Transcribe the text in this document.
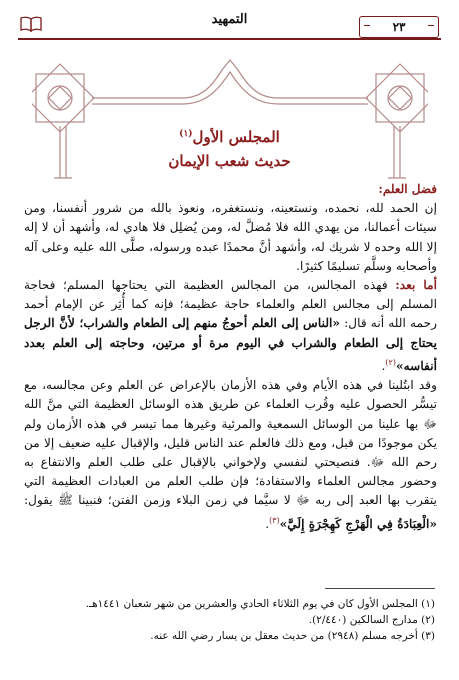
٢٣
التمهيد
المجلس الأول$^{(١)}$
حديث شعب الإيمان

فضل العلم:

إن الحمد لله، نحمده، ونستعينه، ونستغفره، ونعوذ بالله من شرور أنفسنا، ومن سيئات أعمالنا، من يهدي الله فلا مُضلَّ له، ومن يُضلِل فلا هادي له، وأشهد أن لا إله إلا الله وحده لا شريك له، وأشهد أنَّ محمدًا عبده ورسوله، صلَّى الله عليه وعلى آله وأصحابه وسلَّم تسليمًا كثيرًا.

أما بعد: فهذه المجالس، من المجالس العظيمة التي يحتاجها المسلم؛ فحاجة المسلم إلى مجالس العلم والعلماء حاجة عظيمة؛ فإنه كما أُثِر عن الإمام أحمد رحمه الله أنه قال: «الناس إلى العلم أحوجُ منهم إلى الطعام والشراب؛ لأنَّ الرجل يحتاج إلى الطعام والشراب في اليوم مرة أو مرتين، وحاجته إلى العلم بعدد أنفاسه»$^{(٢)}$.

وقد ابتُلينا في هذه الأيام وفي هذه الأزمان بالإعراض عن العلم وعن مجالسه، مع تيسُّر الحصول عليه وقُرب العلماء عن طريق هذه الوسائل العظيمة التي منَّ الله ﷻ بها علينا من الوسائل السمعية والمرئية وغيرها مما تيسر في هذه الأزمان ولم يكن موجودًا من قبل، ومع ذلك فالعلم عند الناس قليل، والإقبال عليه ضعيف إلا من رحم الله ﷻ. فنصيحتي لنفسي ولإخواني بالإقبال على طلب العلم والانتفاع به وحضور مجالس العلماء والاستفادة؛ فإن طلب العلم من العبادات العظيمة التي يتقرب بها العبد إلى ربه ﷻ لا سيَّما في زمن البلاء وزمن الفتن؛ فنبينا ﷺ يقول: «الْعِبَادَةُ فِي الْهَرْجِ كَهِجْرَةٍ إِلَيَّ»$^{(٣)}$.

(١) المجلس الأول كان في يوم الثلاثاء الحادي والعشرين من شهر شعبان ١٤٤١هـ.
(٢) مدارج السالكين (٢/٤٤٠).
(٣) أخرجه مسلم (٢٩٤٨) من حديث معقل بن يسار رضي الله عنه.
